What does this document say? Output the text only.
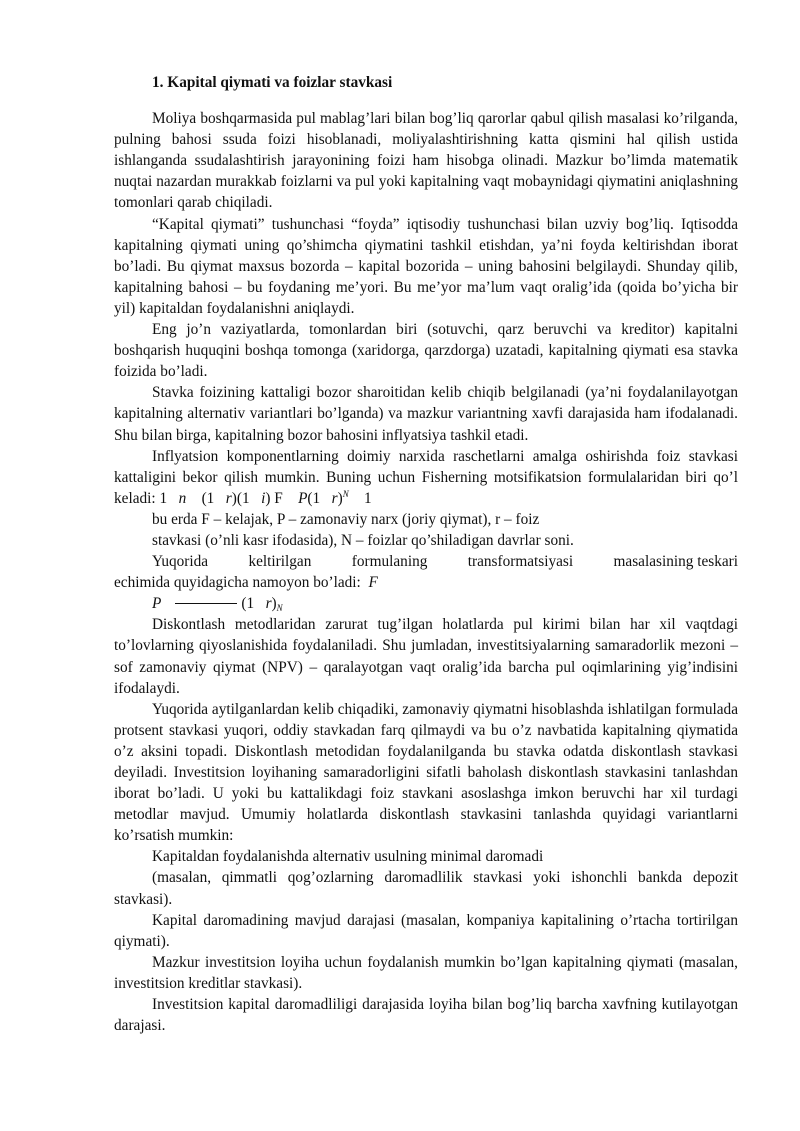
1. Kapital qiymati va foizlar stavkasi

Moliya boshqarmasida pul mablag’lari bilan bog’liq qarorlar qabul qilish masalasi ko’rilganda, pulning bahosi ssuda foizi hisoblanadi, moliyalashtirishning katta qismini hal qilish ustida ishlanganda ssudalashtirish jarayonining foizi ham hisobga olinadi. Mazkur bo’limda matematik nuqtai nazardan murakkab foizlarni va pul yoki kapitalning vaqt mobaynidagi qiymatini aniqlashning tomonlari qarab chiqiladi.

“Kapital qiymati” tushunchasi “foyda” iqtisodiy tushunchasi bilan uzviy bog’liq. Iqtisodda kapitalning qiymati uning qo’shimcha qiymatini tashkil etishdan, ya’ni foyda keltirishdan iborat bo’ladi. Bu qiymat maxsus bozorda – kapital bozorida – uning bahosini belgilaydi. Shunday qilib, kapitalning bahosi – bu foydaning me’yori. Bu me’yor ma’lum vaqt oralig’ida (qoida bo’yicha bir yil) kapitaldan foydalanishni aniqlaydi.

Eng jo’n vaziyatlarda, tomonlardan biri (sotuvchi, qarz beruvchi va kreditor) kapitalni boshqarish huquqini boshqa tomonga (xaridorga, qarzdorga) uzatadi, kapitalning qiymati esa stavka foizida bo’ladi.

Stavka foizining kattaligi bozor sharoitidan kelib chiqib belgilanadi (ya’ni foydalanilayotgan kapitalning alternativ variantlari bo’lganda) va mazkur variantning xavfi darajasida ham ifodalanadi. Shu bilan birga, kapitalning bozor bahosini inflyatsiya tashkil etadi.

Inflyatsion komponentlarning doimiy narxida raschetlarni amalga oshirishda foiz stavkasi kattaligini bekor qilish mumkin. Buning uchun Fisherning motsifikatsion formulalaridan biri qo’l keladi: 1 n (1 r)(1 i) F P(1 r)$^N$ 1

bu erda F – kelajak, P – zamonaviy narx (joriy qiymat), r – foiz

stavkasi (o’nli kasr ifodasida), N – foizlar qo’shiladigan davrlar soni.

Yuqorida	keltirilgan	formulaning	transformatsiyasi	masalasining teskari

echimida quyidagicha namoyon bo’ladi: F

P	(1 $r)_N$

Diskontlash metodlaridan zarurat tug’ilgan holatlarda pul kirimi bilan har xil vaqtdagi to’lovlarning qiyoslanishida foydalaniladi. Shu jumladan, investitsiyalarning samaradorlik mezoni – sof zamonaviy qiymat (NPV) – qaralayotgan vaqt oralig’ida barcha pul oqimlarining yig’indisini ifodalaydi.

Yuqorida aytilganlardan kelib chiqadiki, zamonaviy qiymatni hisoblashda ishlatilgan formulada protsent stavkasi yuqori, oddiy stavkadan farq qilmaydi va bu o’z navbatida kapitalning qiymatida o’z aksini topadi. Diskontlash metodidan foydalanilganda bu stavka odatda diskontlash stavkasi deyiladi. Investitsion loyihaning samaradorligini sifatli baholash diskontlash stavkasini tanlashdan iborat bo’ladi. U yoki bu kattalikdagi foiz stavkani asoslashga imkon beruvchi har xil turdagi metodlar mavjud. Umumiy holatlarda diskontlash stavkasini tanlashda quyidagi variantlarni ko’rsatish mumkin:

Kapitaldan foydalanishda alternativ usulning minimal daromadi

(masalan, qimmatli qog’ozlarning daromadlilik stavkasi yoki ishonchli bankda depozit stavkasi).

Kapital daromadining mavjud darajasi (masalan, kompaniya kapitalining o’rtacha tortirilgan qiymati).

Mazkur investitsion loyiha uchun foydalanish mumkin bo’lgan kapitalning qiymati (masalan, investitsion kreditlar stavkasi).

Investitsion kapital daromadliligi darajasida loyiha bilan bog’liq barcha xavfning kutilayotgan darajasi.
